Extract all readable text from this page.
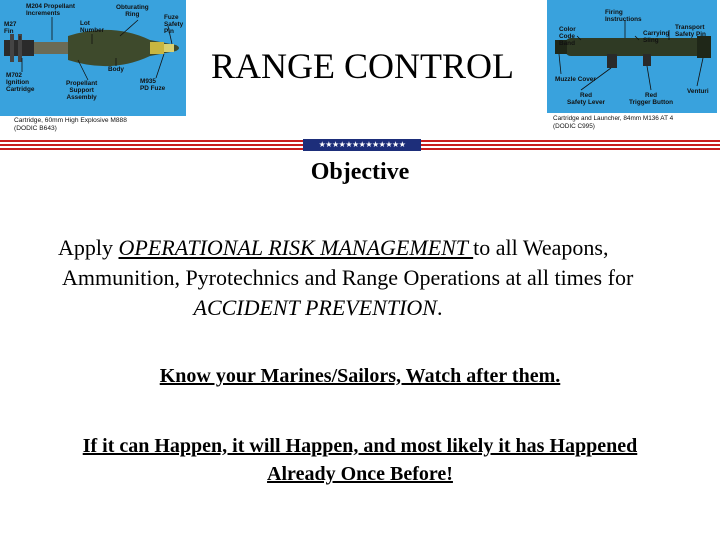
M204 Propellant
Increments
Obturating
Ring	Fuze
Safety
Pin
M27
Fin
Lot
Number
Body
M702
Ignition
Cartridge
Propellant
Support
Assembly
M935
PD Fuze
Cartridge, 60mm High Explosive M888
(DODIC B643)
RANGE CONTROL
Firing
Instructions
Color
Code
Band
Carrying
Sling
Transport
Safety Pin
Muzzle Cover
Venturi
Red
Safety Lever
Red
Trigger Button
Cartridge and Launcher, 84mm M136 AT 4
(DODIC C995)
★★★★★★★★★★★★★
Objective
Apply OPERATIONAL RISK MANAGEMENT to all Weapons,
Ammunition, Pyrotechnics and Range Operations at all times for
ACCIDENT PREVENTION.
Know your Marines/Sailors, Watch after them.
If it can Happen, it will Happen, and most likely it has Happened
Already Once Before!
